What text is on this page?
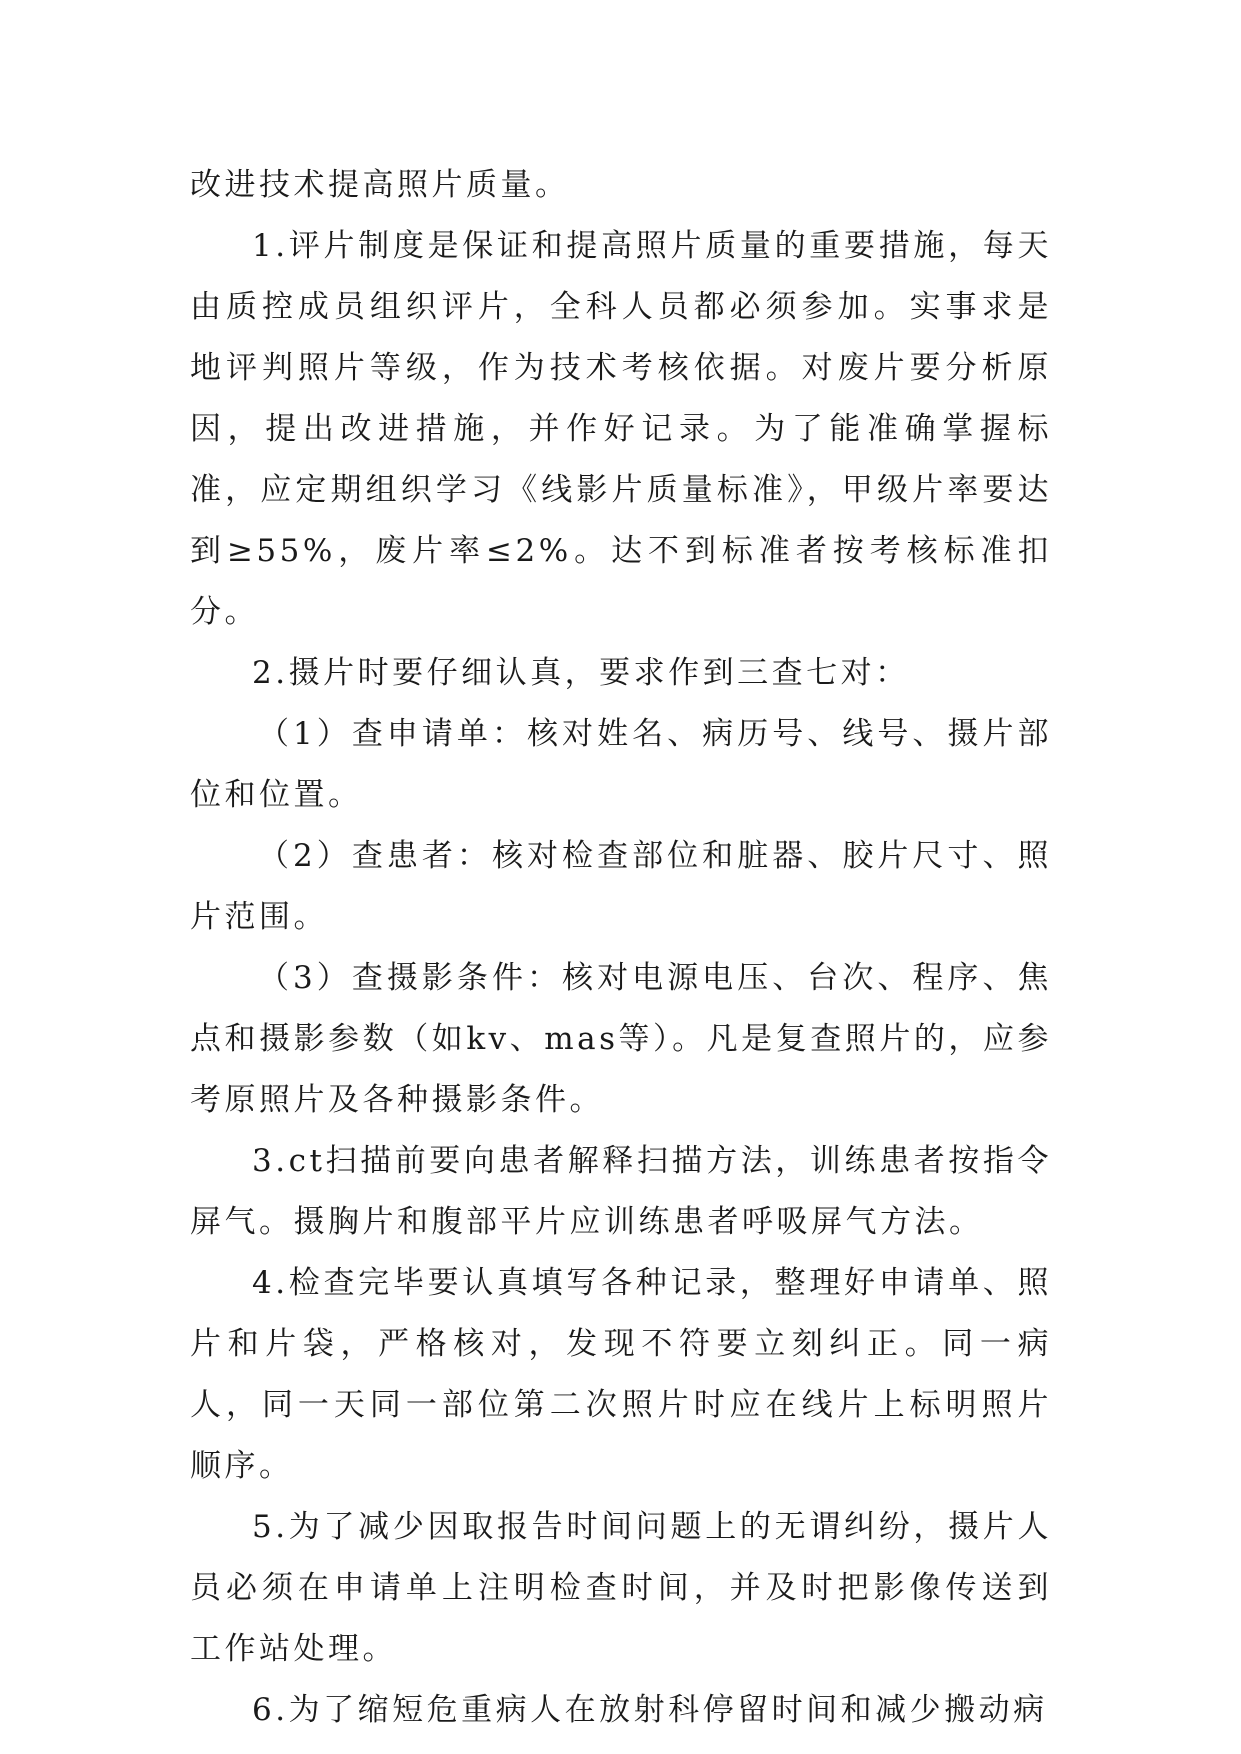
改进技术提高照片质量。

1.评片制度是保证和提高照片质量的重要措施，每天由质控成员组织评片，全科人员都必须参加。实事求是地评判照片等级，作为技术考核依据。对废片要分析原因，提出改进措施，并作好记录。为了能准确掌握标准，应定期组织学习《线影片质量标准》，甲级片率要达到≥55%，废片率≤2%。达不到标准者按考核标准扣分。

2.摄片时要仔细认真，要求作到三查七对：

（1）查申请单：核对姓名、病历号、线号、摄片部位和位置。

（2）查患者：核对检查部位和脏器、胶片尺寸、照片范围。

（3）查摄影条件：核对电源电压、台次、程序、焦点和摄影参数（如kv、mas等）。凡是复查照片的，应参考原照片及各种摄影条件。

3.ct扫描前要向患者解释扫描方法，训练患者按指令屏气。摄胸片和腹部平片应训练患者呼吸屏气方法。

4.检查完毕要认真填写各种记录，整理好申请单、照片和片袋，严格核对，发现不符要立刻纠正。同一病人，同一天同一部位第二次照片时应在线片上标明照片顺序。

5.为了减少因取报告时间问题上的无谓纠纷，摄片人员必须在申请单上注明检查时间，并及时把影像传送到工作站处理。

6.为了缩短危重病人在放射科停留时间和减少搬动病
